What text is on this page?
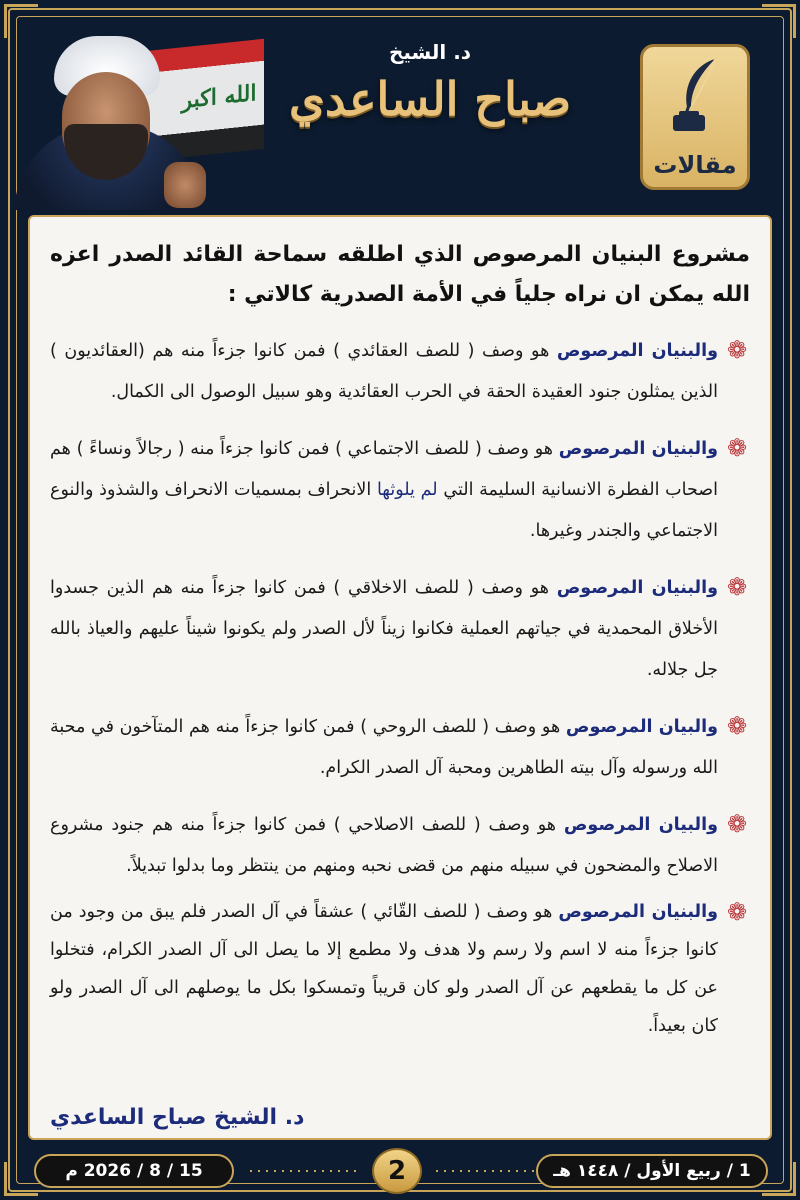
الله اكبر
د. الشيخ
صباح الساعدي
مقالات

مشروع البنيان المرصوص الذي اطلقه سماحة القائد الصدر اعزه الله يمكن ان نراه جلياً في الأمة الصدرية كالاتي :

❁
والبنيان المرصوص هو وصف ( للصف العقائدي ) فمن كانوا جزءاً منه هم (العقائديون ) الذين يمثلون جنود العقيدة الحقة في الحرب العقائدية وهو سبيل الوصول الى الكمال.
❁
والبنيان المرصوص هو وصف ( للصف الاجتماعي ) فمن كانوا جزءاً منه ( رجالاً ونساءً ) هم اصحاب الفطرة الانسانية السليمة التي لم يلوثها الانحراف بمسميات الانحراف والشذوذ والنوع الاجتماعي والجندر وغيرها.
❁
والبنيان المرصوص هو وصف ( للصف الاخلاقي ) فمن كانوا جزءاً منه هم الذين جسدوا الأخلاق المحمدية في جياتهم العملية فكانوا زيناً لأل الصدر ولم يكونوا شيناً عليهم والعياذ بالله جل جلاله.
❁
والبيان المرصوص هو وصف ( للصف الروحي ) فمن كانوا جزءاً منه هم المتآخون في محبة الله ورسوله وآل بيته الطاهرين ومحبة آل الصدر الكرام.
❁
والبيان المرصوص هو وصف ( للصف الاصلاحي ) فمن كانوا جزءاً منه هم جنود مشروع الاصلاح والمضحون في سبيله منهم من قضى نحبه ومنهم من ينتظر وما بدلوا تبديلاً.
❁
والبنيان المرصوص هو وصف ( للصف القّائي ) عشقاً في آل الصدر فلم يبق من وجود من كانوا جزءاً منه لا اسم ولا رسم ولا هدف ولا مطمع إلا ما يصل الى آل الصدر الكرام، فتخلوا عن كل ما يقطعهم عن آل الصدر ولو كان قريباً وتمسكوا بكل ما يوصلهم الى آل الصدر ولو كان بعيداً.
د. الشيخ صباح الساعدي
15 / 8 / 2026 م	2	1 / ربيع الأول / ١٤٤٨ هـ
